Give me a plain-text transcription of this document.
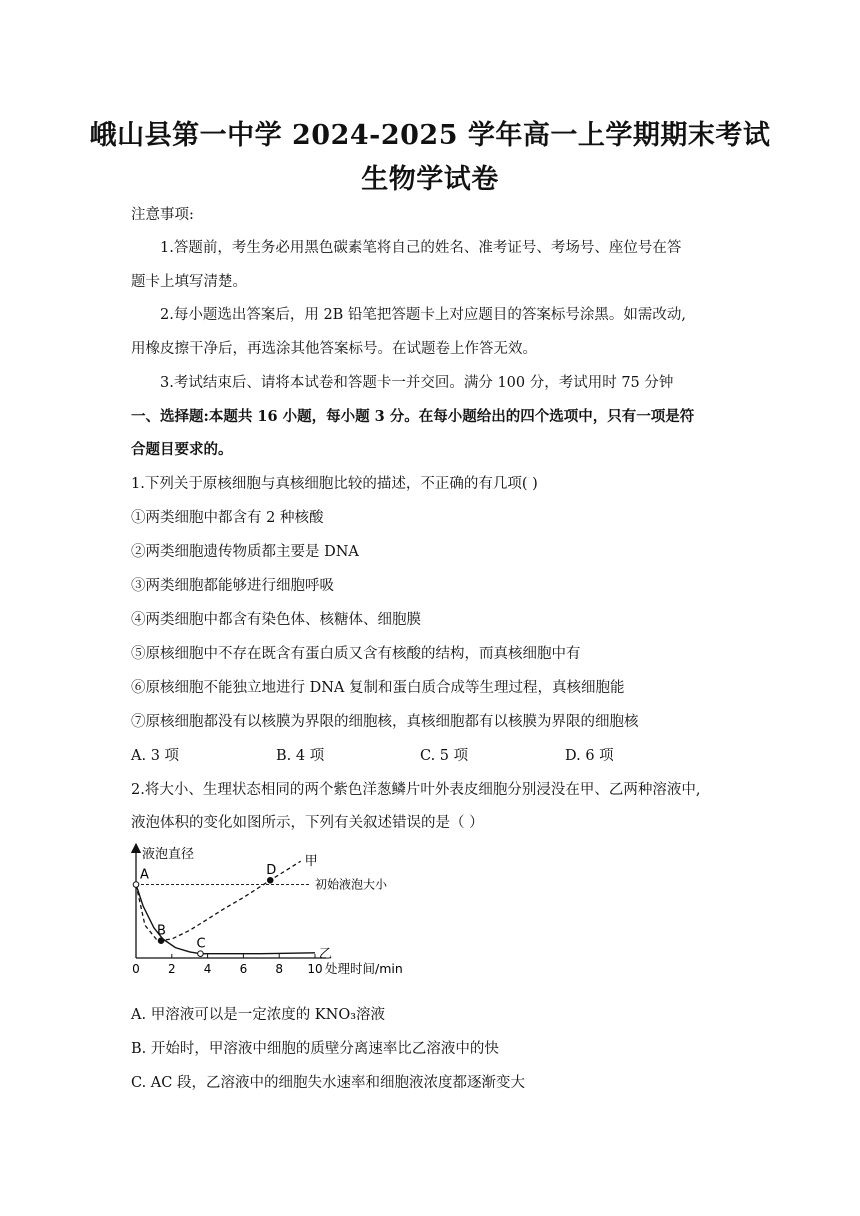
峨山县第一中学 2024-2025 学年高一上学期期末考试
生物学试卷
注意事项:
1.答题前，考生务必用黑色碳素笔将自己的姓名、准考证号、考场号、座位号在答
题卡上填写清楚。
2.每小题选出答案后，用 2B 铅笔把答题卡上对应题目的答案标号涂黑。如需改动,
用橡皮擦干净后，再选涂其他答案标号。在试题卷上作答无效。
3.考试结束后、请将本试卷和答题卡一并交回。满分 100 分，考试用时 75 分钟
一、选择题:本题共 16 小题，每小题 3 分。在每小题给出的四个选项中，只有一项是符
合题目要求的。
1.下列关于原核细胞与真核细胞比较的描述，不正确的有几项( )
①两类细胞中都含有 2 种核酸
②两类细胞遗传物质都主要是 DNA
③两类细胞都能够进行细胞呼吸
④两类细胞中都含有染色体、核糖体、细胞膜
⑤原核细胞中不存在既含有蛋白质又含有核酸的结构，而真核细胞中有
⑥原核细胞不能独立地进行 DNA 复制和蛋白质合成等生理过程，真核细胞能
⑦原核细胞都没有以核膜为界限的细胞核，真核细胞都有以核膜为界限的细胞核
A. 3 项	B. 4 项	C. 5 项	D. 6 项
2.将大小、生理状态相同的两个紫色洋葱鳞片叶外表皮细胞分别浸没在甲、乙两种溶液中,
液泡体积的变化如图所示，下列有关叙述错误的是（ ）
液泡直径
处理时间/min
0 2 4 6 8 10
初始液泡大小
甲
乙
A
B
C
D
A. 甲溶液可以是一定浓度的 KNO₃溶液
B. 开始时，甲溶液中细胞的质壁分离速率比乙溶液中的快
C. AC 段，乙溶液中的细胞失水速率和细胞液浓度都逐渐变大
